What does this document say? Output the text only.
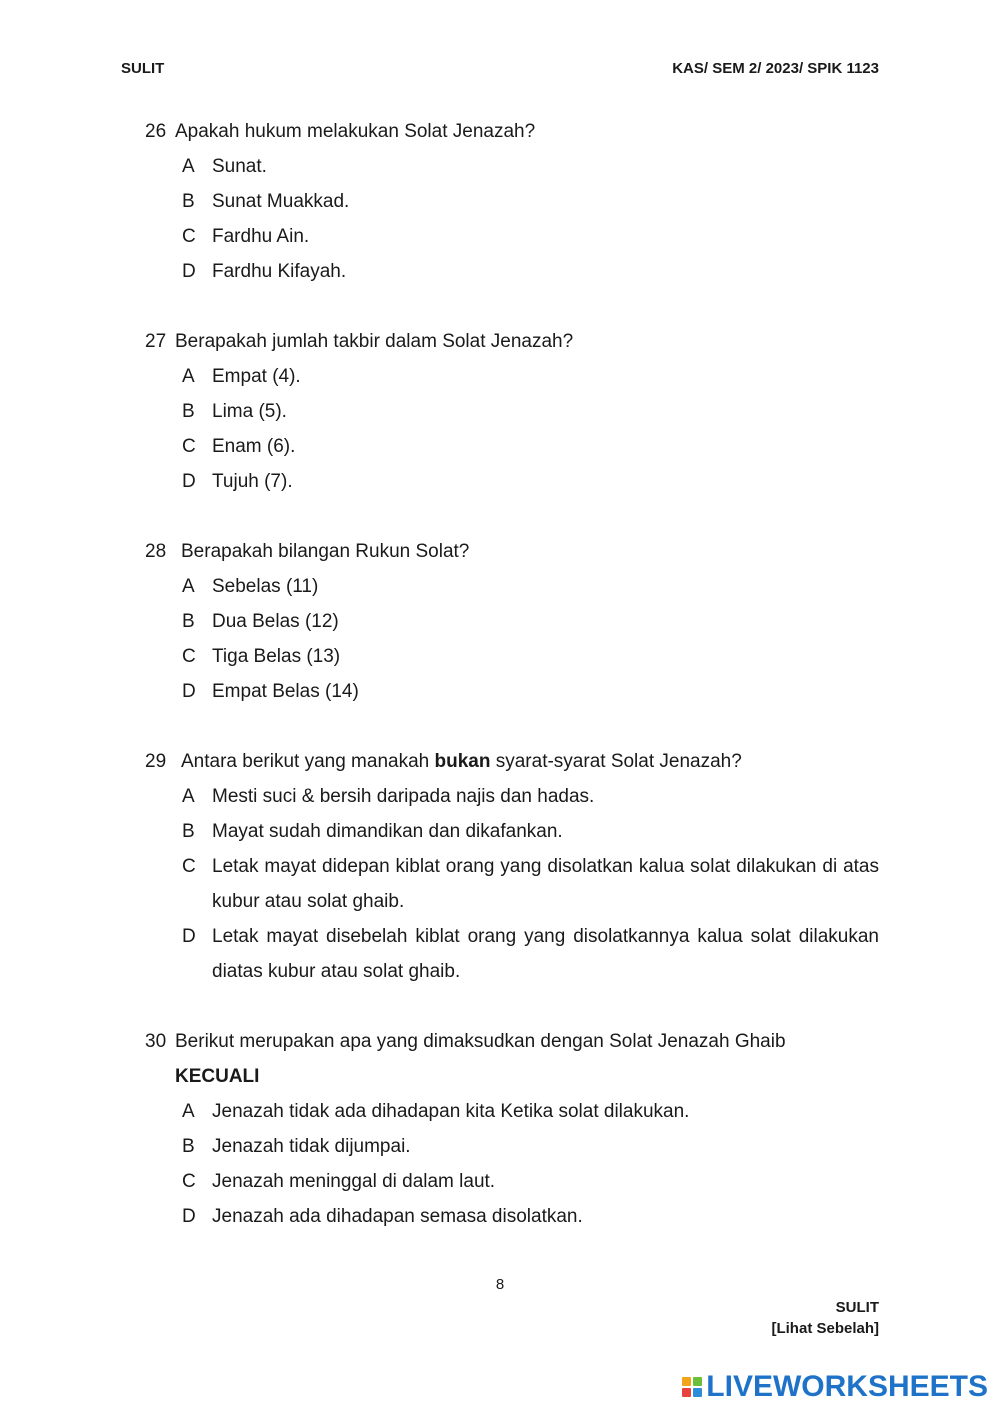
SULIT	KAS/ SEM 2/ 2023/ SPIK 1123
26 Apakah hukum melakukan Solat Jenazah?
A Sunat.
B Sunat Muakkad.
C Fardhu Ain.
D Fardhu Kifayah.
27 Berapakah jumlah takbir dalam Solat Jenazah?
A Empat (4).
B Lima (5).
C Enam (6).
D Tujuh (7).
28 Berapakah bilangan Rukun Solat?
A Sebelas (11)
B Dua Belas (12)
C Tiga Belas (13)
D Empat Belas (14)
29 Antara berikut yang manakah bukan syarat-syarat Solat Jenazah?
A Mesti suci & bersih daripada najis dan hadas.
B Mayat sudah dimandikan dan dikafankan.
C Letak mayat didepan kiblat orang yang disolatkan kalua solat dilakukan di atas kubur atau solat ghaib.
D Letak mayat disebelah kiblat orang yang disolatkannya kalua solat dilakukan diatas kubur atau solat ghaib.
30 Berikut merupakan apa yang dimaksudkan dengan Solat Jenazah Ghaib
KECUALI
A Jenazah tidak ada dihadapan kita Ketika solat dilakukan.
B Jenazah tidak dijumpai.
C Jenazah meninggal di dalam laut.
D Jenazah ada dihadapan semasa disolatkan.
8
SULIT
[Lihat Sebelah]
LIVEWORKSHEETS
